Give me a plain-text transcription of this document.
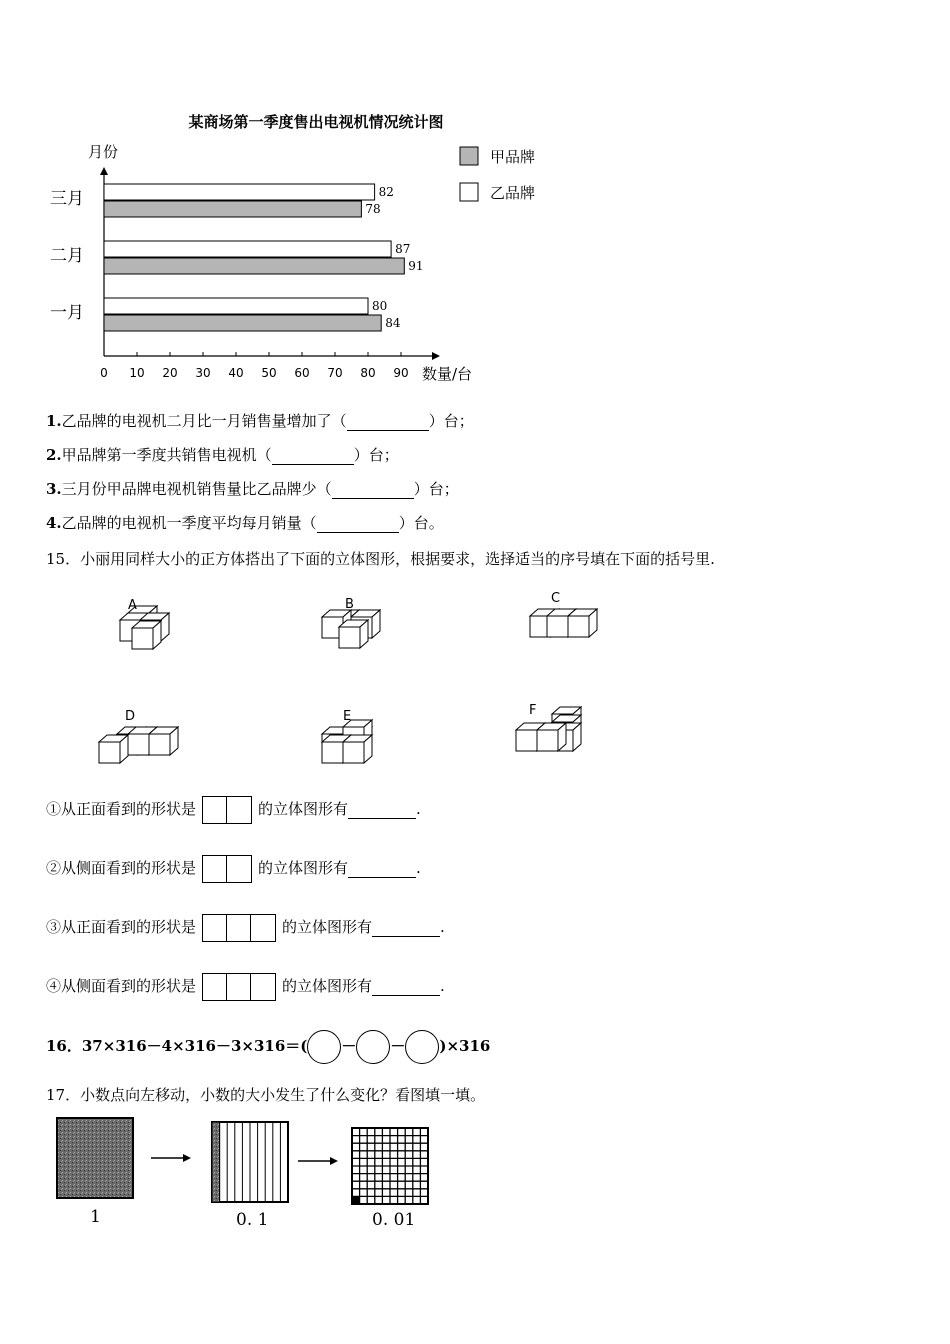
某商场第一季度售出电视机情况统计图
月份
数量/台
三月
二月
一月
0 10 20 30 40 50 60 70 80 90
82
78
87
91
80
84
甲品牌
乙品牌
1.乙品牌的电视机二月比一月销售量增加了（	）台；
2.甲品牌第一季度共销售电视机（	）台；
3.三月份甲品牌电视机销售量比乙品牌少（	）台；
4.乙品牌的电视机一季度平均每月销量（	）台。
15．小丽用同样大小的正方体搭出了下面的立体图形，根据要求，选择适当的序号填在下面的括号里.
①从正面看到的形状是	的立体图形有	.
②从侧面看到的形状是	的立体图形有	.
③从正面看到的形状是	的立体图形有	.
④从侧面看到的形状是	的立体图形有	.
16．37×316－4×316－3×316＝( － － )×316
17．小数点向左移动，小数的大小发生了什么变化？看图填一填。
1	0. 1	0. 01
A	B	C
D	E	F
